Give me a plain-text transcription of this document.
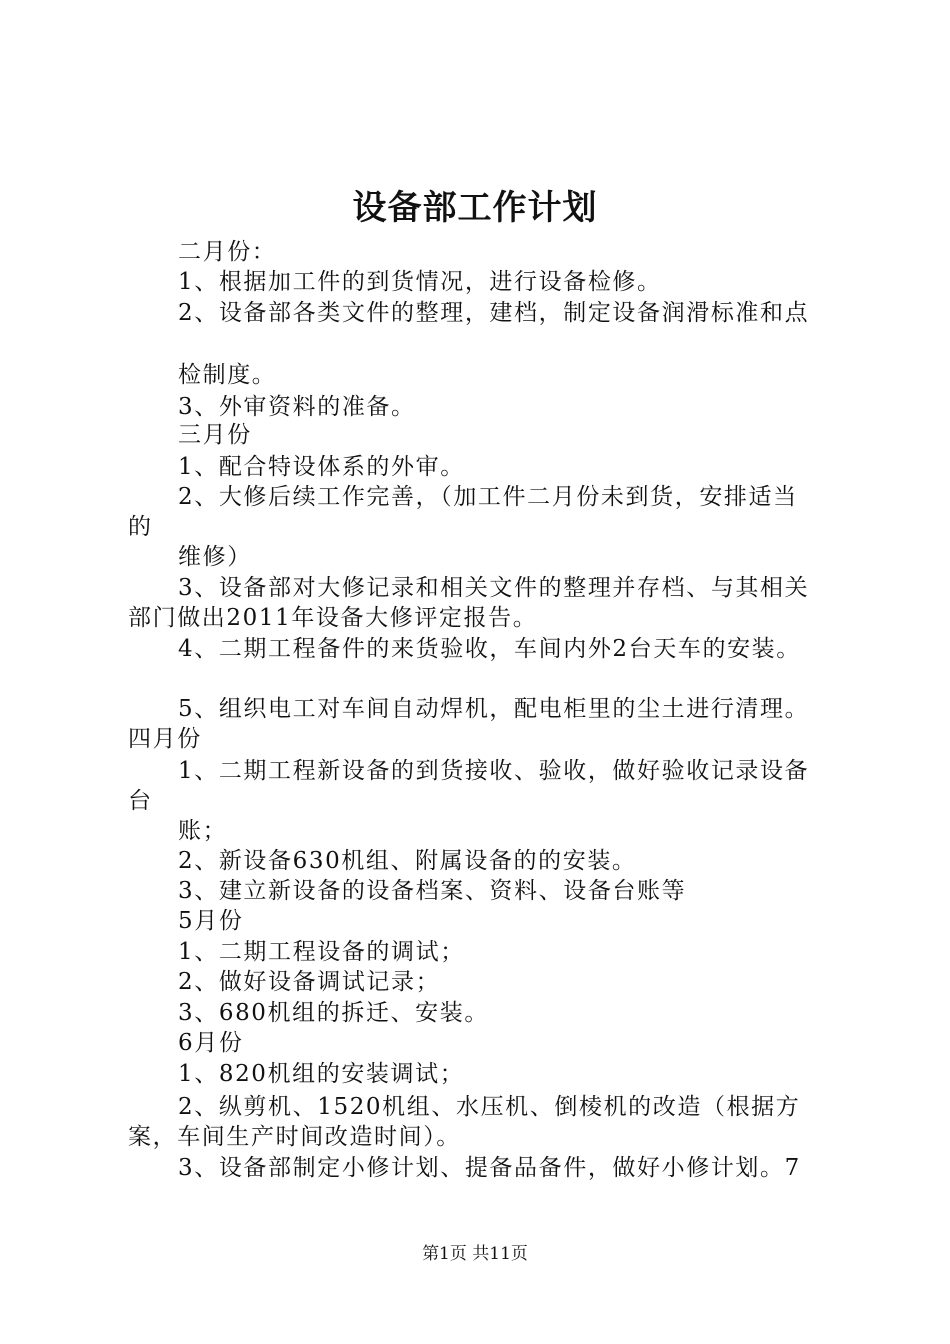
设备部工作计划

二月份：

1、根据加工件的到货情况，进行设备检修。

2、设备部各类文件的整理，建档，制定设备润滑标准和点

检制度。

3、外审资料的准备。

三月份

1、配合特设体系的外审。

2、大修后续工作完善，（加工件二月份未到货，安排适当

的

维修）

3、设备部对大修记录和相关文件的整理并存档、与其相关

部门做出2011年设备大修评定报告。

4、二期工程备件的来货验收，车间内外2台天车的安装。

5、组织电工对车间自动焊机，配电柜里的尘土进行清理。

四月份

1、二期工程新设备的到货接收、验收，做好验收记录设备

台

账；

2、新设备630机组、附属设备的的安装。

3、建立新设备的设备档案、资料、设备台账等

5月份

1、二期工程设备的调试；

2、做好设备调试记录；

3、680机组的拆迁、安装。

6月份

1、820机组的安装调试；

2、纵剪机、1520机组、水压机、倒棱机的改造（根据方

案，车间生产时间改造时间）。

3、设备部制定小修计划、提备品备件，做好小修计划。7

第1页 共11页
